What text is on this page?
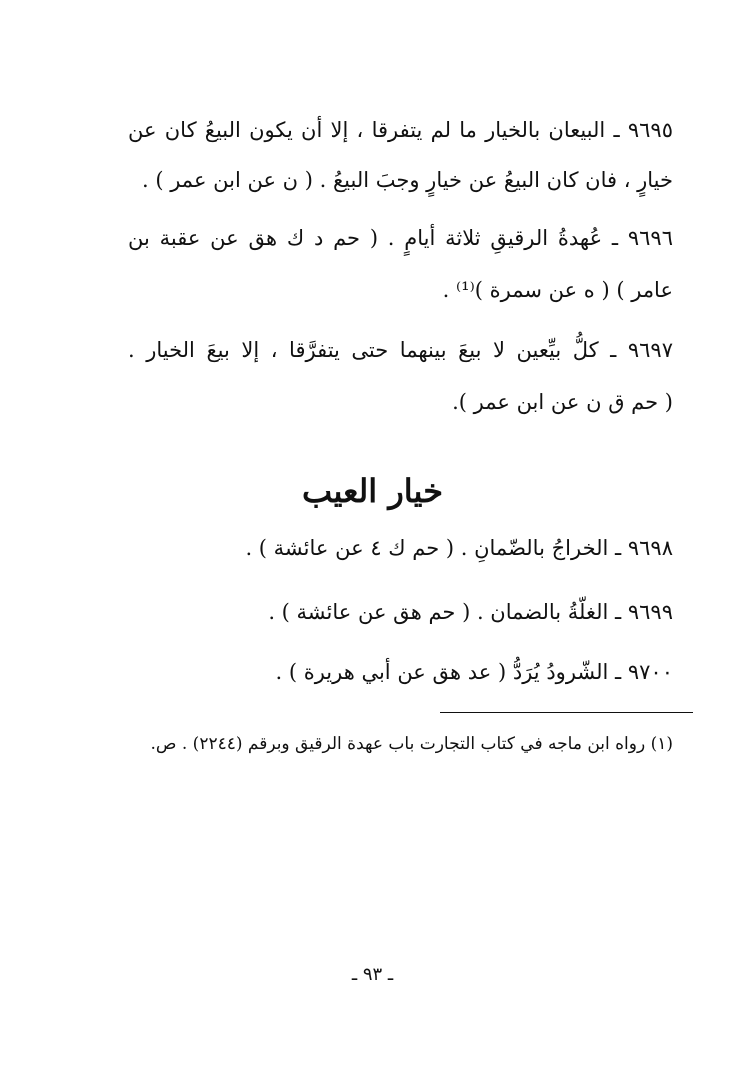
٩٦٩٥ ـ البيعان بالخيار ما لم يتفرقا ، إلا أن يكون البيعُ كان عن
خيارٍ ، فان كان البيعُ عن خيارٍ وجبَ البيعُ . ( ن عن ابن عمر ) .
٩٦٩٦ ـ عُهدةُ الرقيقِ ثلاثة أيامٍ . ( حم د ك هق عن عقبة بن
عامر ) ( ه عن سمرة )⁽¹⁾ .
٩٦٩٧ ـ كلُّ بيِّعين لا بيعَ بينهما حتى يتفرَّقا ، إلا بيعَ الخيار .
( حم ق ن عن ابن عمر ).
خيار العيب
٩٦٩٨ ـ الخراجُ بالضّمانِ . ( حم ك ٤ عن عائشة ) .
٩٦٩٩ ـ الغلّةُ بالضمان . ( حم هق عن عائشة ) .
٩٧٠٠ ـ الشّرودُ يُرَدُّ ( عد هق عن أبي هريرة ) .
(١) رواه ابن ماجه في كتاب التجارت باب عهدة الرقيق وبرقم (٢٢٤٤) . ص.
ـ ٩٣ ـ
